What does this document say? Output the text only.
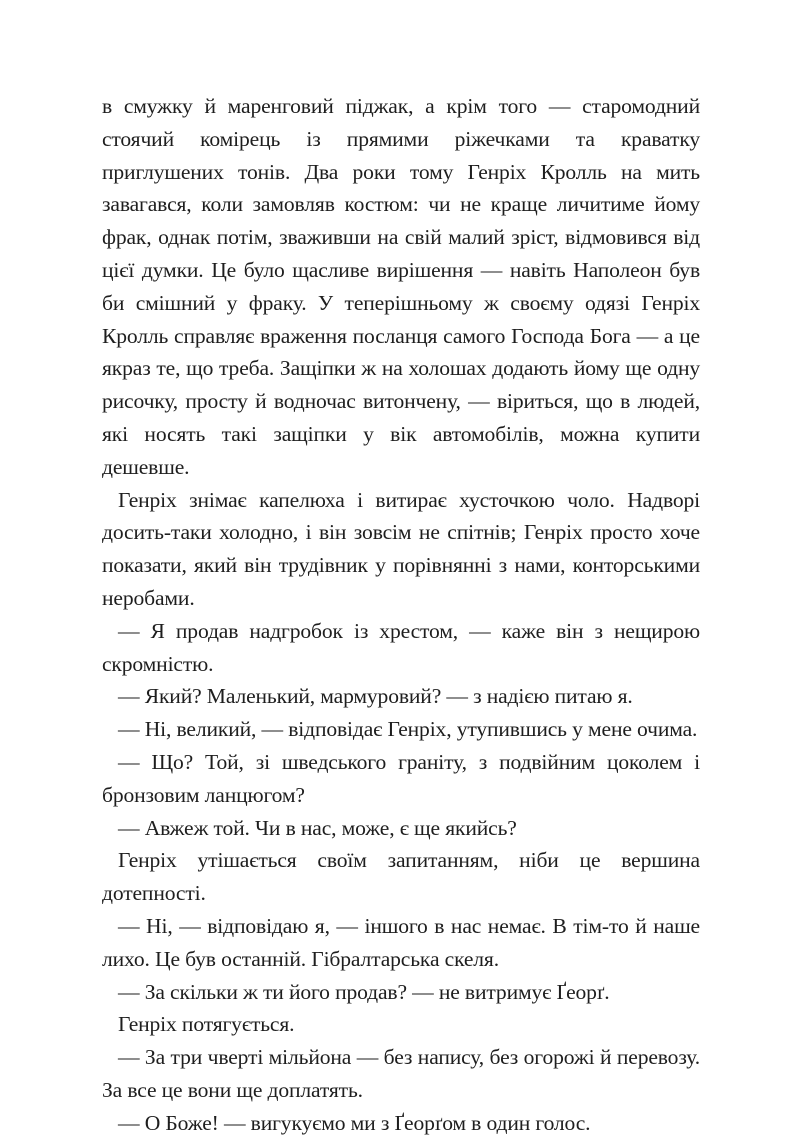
в смужку й маренговий піджак, а крім того — старомодний стоячий комірець із прямими ріжечками та краватку приглушених тонів. Два роки тому Генріх Кролль на мить завагався, коли замовляв костюм: чи не краще личитиме йому фрак, однак потім, зваживши на свій малий зріст, відмовився від цієї думки. Це було щасливе вирішення — навіть Наполеон був би смішний у фраку. У теперішньому ж своєму одязі Генріх Кролль справляє враження посланця самого Господа Бога — а це якраз те, що треба. Защіпки ж на холошах додають йому ще одну рисочку, просту й водночас витончену, — віриться, що в людей, які носять такі защіпки у вік автомобілів, можна купити дешевше.

Генріх знімає капелюха і витирає хусточкою чоло. Надворі досить-таки холодно, і він зовсім не спітнів; Генріх просто хоче показати, який він трудівник у порівнянні з нами, конторськими неробами.

— Я продав надгробок із хрестом, — каже він з нещирою скромністю.

— Який? Маленький, мармуровий? — з надією питаю я.

— Ні, великий, — відповідає Генріх, утупившись у мене очима.

— Що? Той, зі шведського граніту, з подвійним цоколем і бронзовим ланцюгом?

— Авжеж той. Чи в нас, може, є ще якийсь?

Генріх утішається своїм запитанням, ніби це вершина дотепності.

— Ні, — відповідаю я, — іншого в нас немає. В тім-то й наше лихо. Це був останній. Гібралтарська скеля.

— За скільки ж ти його продав? — не витримує Ґеорґ.

Генріх потягується.

— За три чверті мільйона — без напису, без огорожі й перевозу. За все це вони ще доплатять.

— О Боже! — вигукуємо ми з Ґеорґом в один голос.
